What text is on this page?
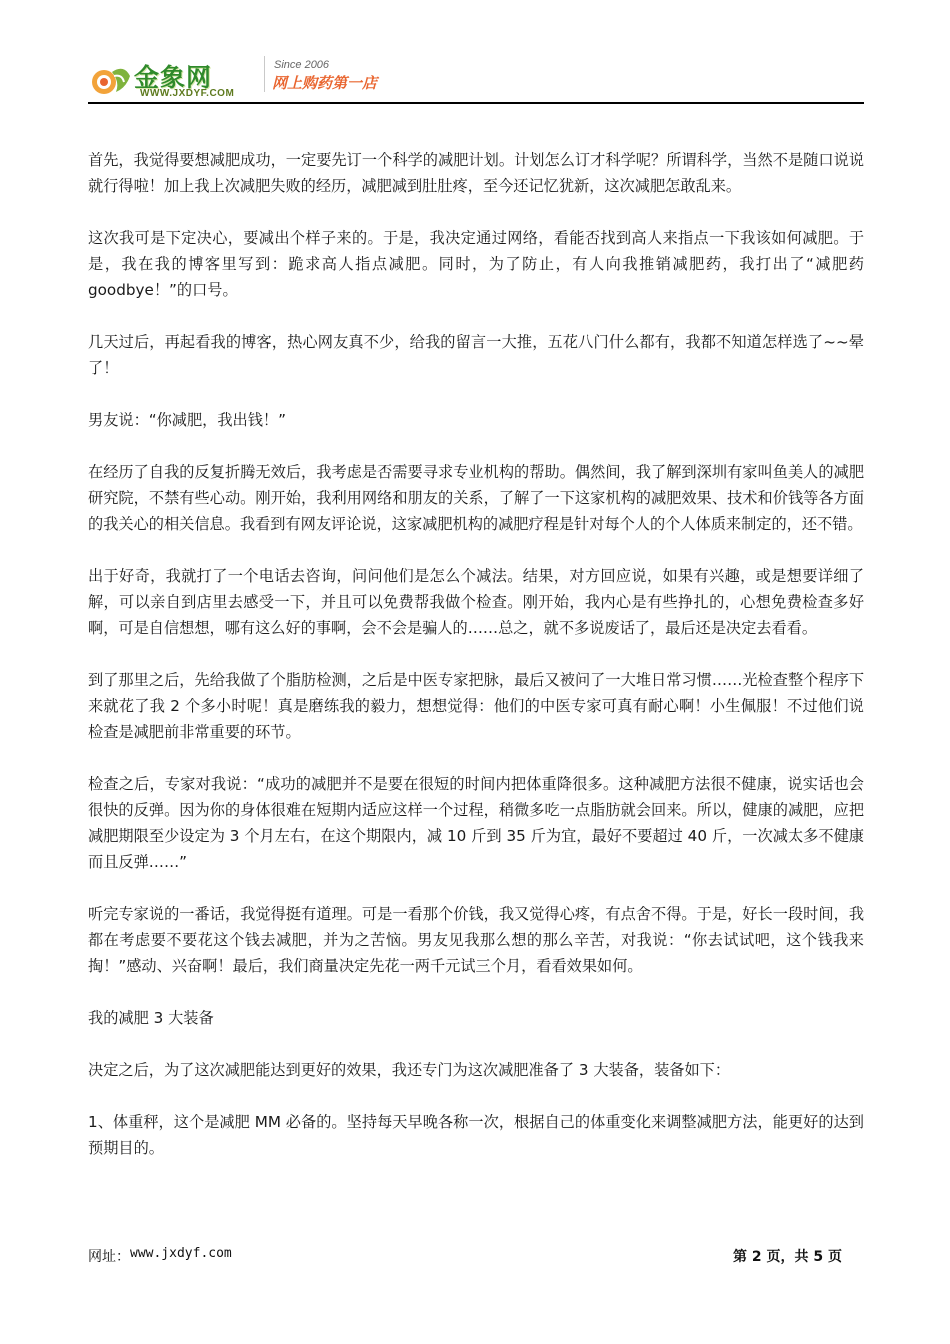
金象网
WWW.JXDYF.COM
Since 2006
网上购药第一店

首先，我觉得要想减肥成功，一定要先订一个科学的减肥计划。计划怎么订才科学呢？所谓科学，当然不是随口说说就行得啦！加上我上次减肥失败的经历，减肥减到肚肚疼，至今还记忆犹新，这次减肥怎敢乱来。

这次我可是下定决心，要减出个样子来的。于是，我决定通过网络，看能否找到高人来指点一下我该如何减肥。于是，我在我的博客里写到：跪求高人指点减肥。同时，为了防止，有人向我推销减肥药，我打出了“减肥药 goodbye！”的口号。

几天过后，再起看我的博客，热心网友真不少，给我的留言一大推，五花八门什么都有，我都不知道怎样选了~~晕了！

男友说：“你减肥，我出钱！”

在经历了自我的反复折腾无效后，我考虑是否需要寻求专业机构的帮助。偶然间，我了解到深圳有家叫鱼美人的减肥研究院，不禁有些心动。刚开始，我利用网络和朋友的关系，了解了一下这家机构的减肥效果、技术和价钱等各方面的我关心的相关信息。我看到有网友评论说，这家减肥机构的减肥疗程是针对每个人的个人体质来制定的，还不错。

出于好奇，我就打了一个电话去咨询，问问他们是怎么个减法。结果，对方回应说，如果有兴趣，或是想要详细了解，可以亲自到店里去感受一下，并且可以免费帮我做个检查。刚开始，我内心是有些挣扎的，心想免费检查多好啊，可是自信想想，哪有这么好的事啊，会不会是骗人的……总之，就不多说废话了，最后还是决定去看看。

到了那里之后，先给我做了个脂肪检测，之后是中医专家把脉，最后又被问了一大堆日常习惯……光检查整个程序下来就花了我 2 个多小时呢！真是磨练我的毅力，想想觉得：他们的中医专家可真有耐心啊！小生佩服！不过他们说检查是减肥前非常重要的环节。

检查之后，专家对我说：“成功的减肥并不是要在很短的时间内把体重降很多。这种减肥方法很不健康，说实话也会很快的反弹。因为你的身体很难在短期内适应这样一个过程，稍微多吃一点脂肪就会回来。所以，健康的减肥，应把减肥期限至少设定为 3 个月左右，在这个期限内，减 10 斤到 35 斤为宜，最好不要超过 40 斤，一次减太多不健康而且反弹……”

听完专家说的一番话，我觉得挺有道理。可是一看那个价钱，我又觉得心疼，有点舍不得。于是，好长一段时间，我都在考虑要不要花这个钱去减肥，并为之苦恼。男友见我那么想的那么辛苦，对我说：“你去试试吧，这个钱我来掏！”感动、兴奋啊！最后，我们商量决定先花一两千元试三个月，看看效果如何。

我的减肥 3 大装备

决定之后，为了这次减肥能达到更好的效果，我还专门为这次减肥准备了 3 大装备，装备如下：

1、体重秤，这个是减肥 MM 必备的。坚持每天早晚各称一次，根据自己的体重变化来调整减肥方法，能更好的达到预期目的。

网址： www.jxdyf.com	第 2 页，共 5 页
